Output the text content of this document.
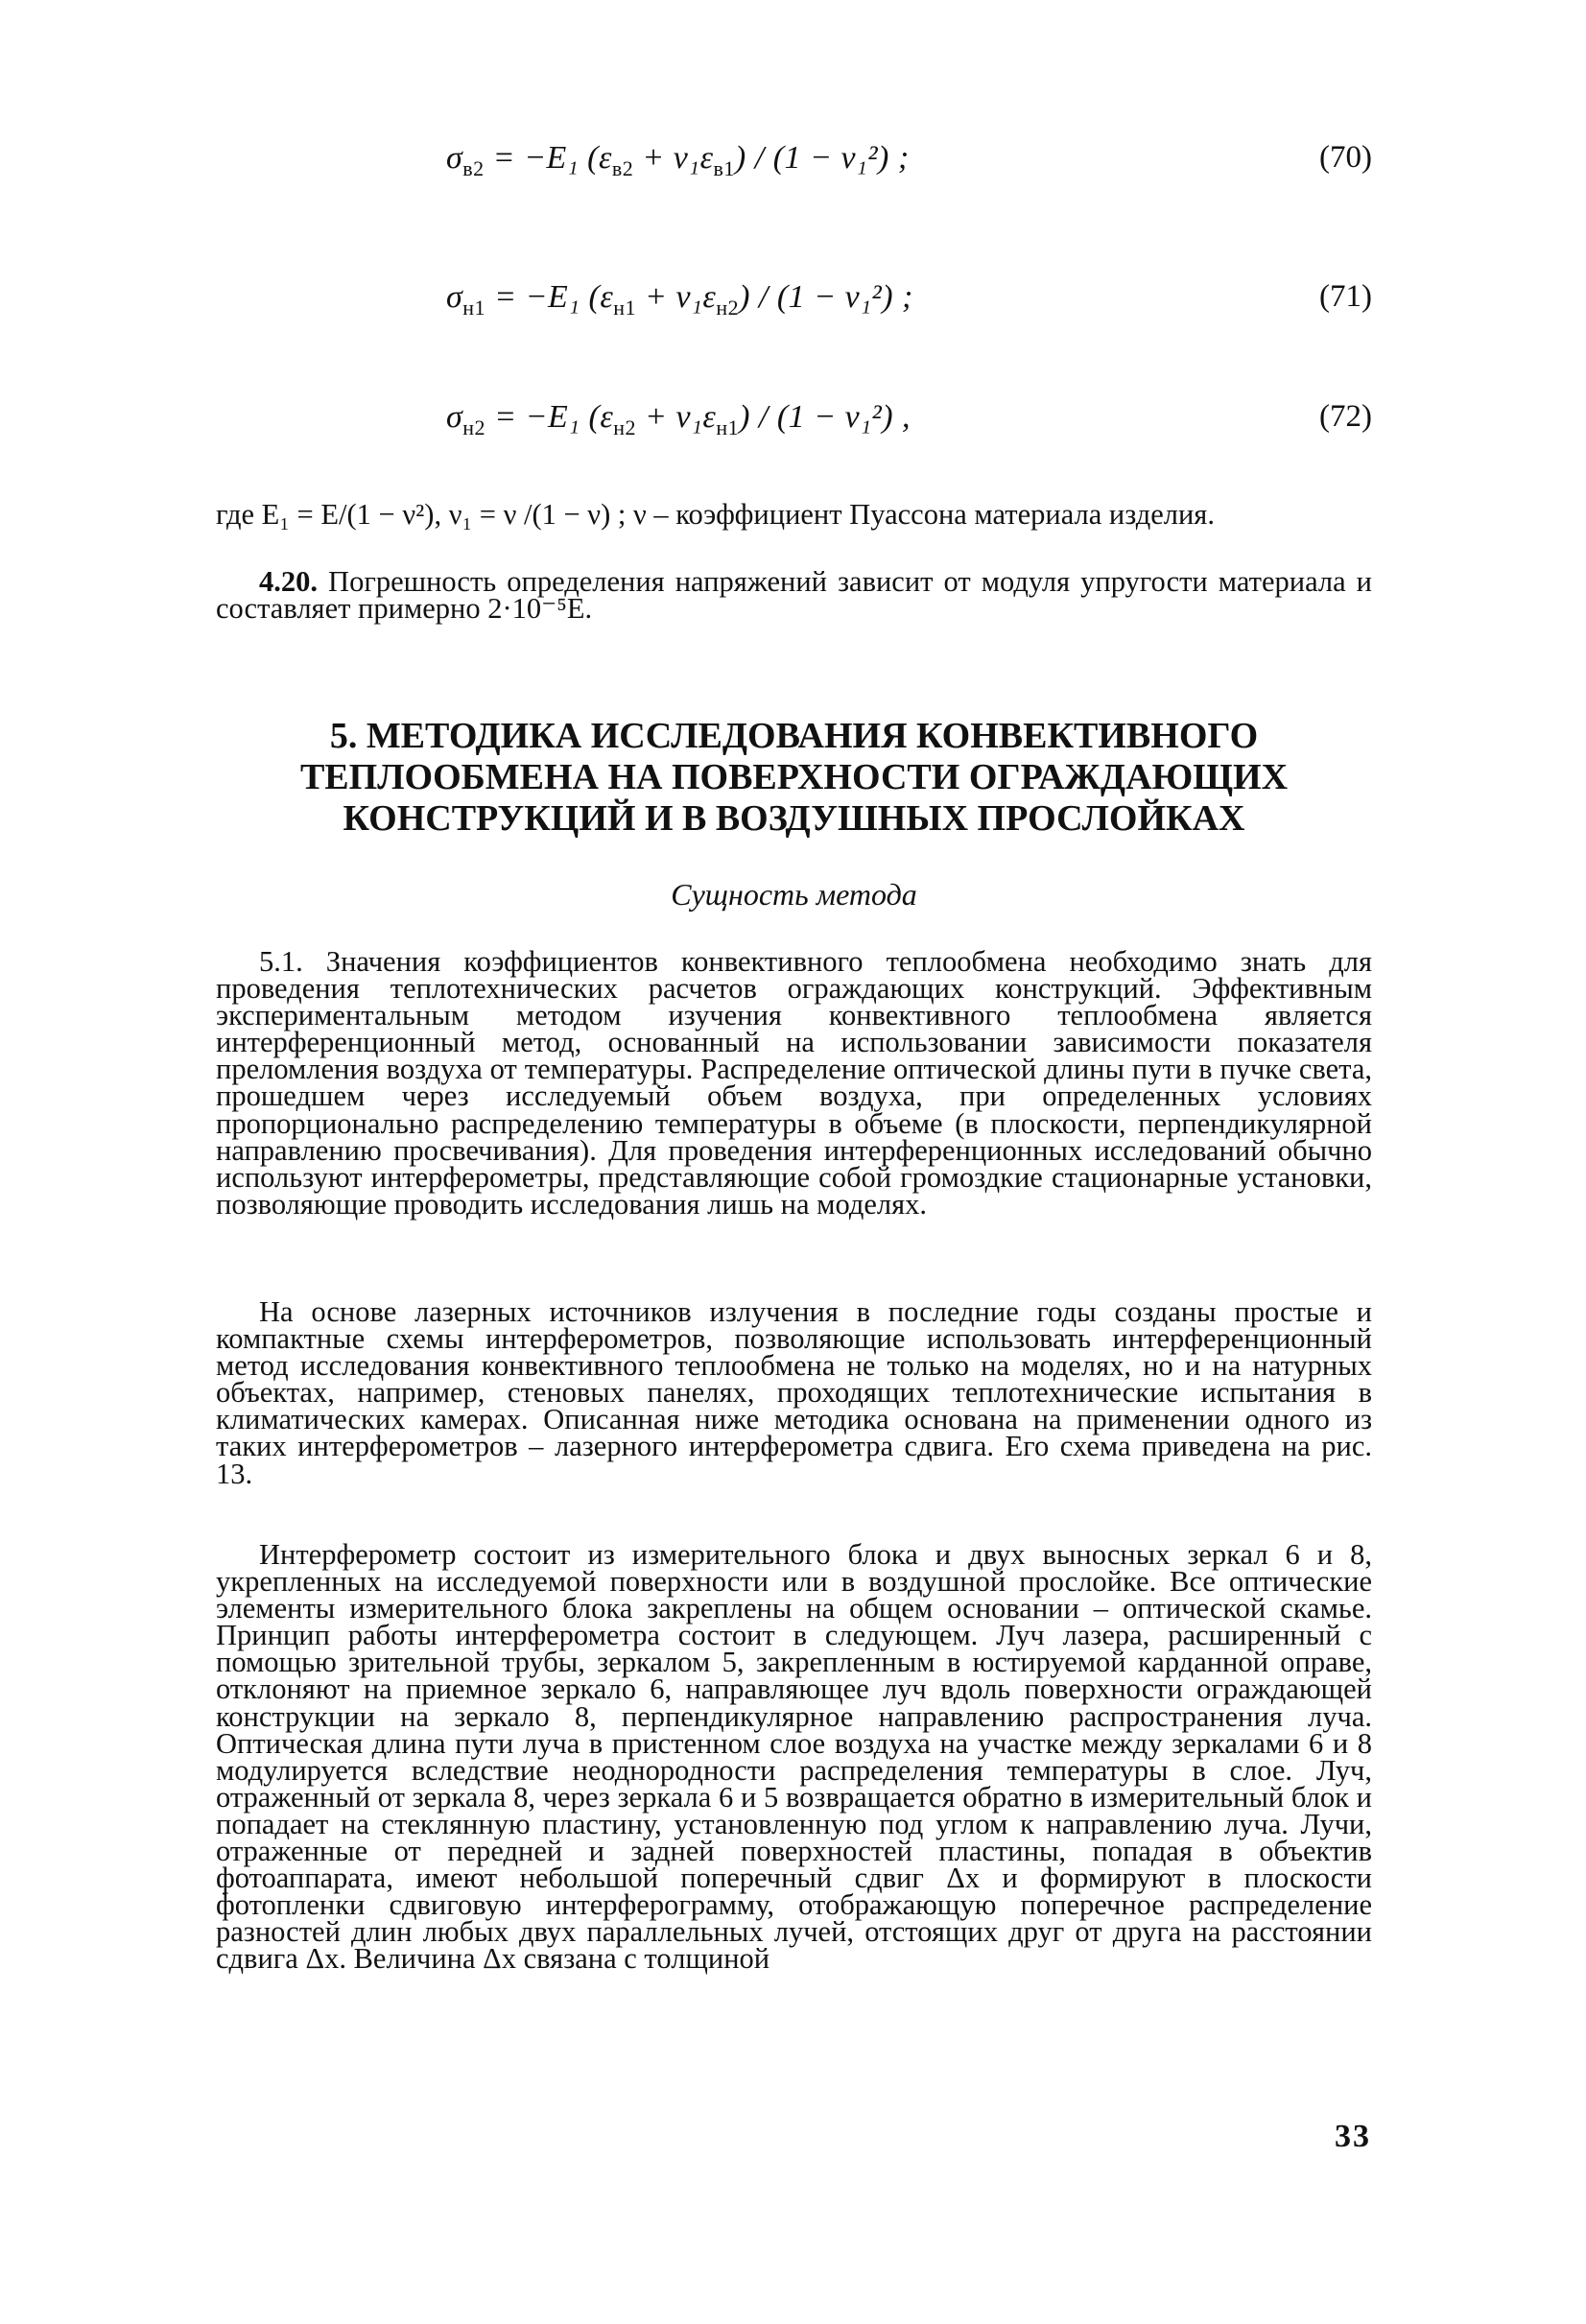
$\sigma_{в2} = -E_1$ $(\varepsilon_{в2} + \nu_1\varepsilon_{в1}) / (1 - \nu_1^2)$ ;	(70)
$\sigma_{н1} = -E_1$ $(\varepsilon_{н1} + \nu_1\varepsilon_{н2}) / (1 - \nu_1^2)$ ;	(71)
$\sigma_{н2} = -E_1$ $(\varepsilon_{н2} + \nu_1\varepsilon_{н1}) / (1 - \nu_1^2)$ ,	(72)
где E₁ = E/(1 − ν²), ν₁ = ν /(1 − ν) ; ν – коэффициент Пуассона материала изделия.
4.20. Погрешность определения напряжений зависит от модуля упругости материала и составляет примерно 2·10⁻⁵E.
5. МЕТОДИКА ИССЛЕДОВАНИЯ КОНВЕКТИВНОГО ТЕПЛООБМЕНА НА ПОВЕРХНОСТИ ОГРАЖДАЮЩИХ КОНСТРУКЦИЙ И В ВОЗДУШНЫХ ПРОСЛОЙКАХ
Сущность метода
5.1. Значения коэффициентов конвективного теплообмена необходимо знать для проведения теплотехнических расчетов ограждающих конструкций. Эффективным экспериментальным методом изучения конвективного теплообмена является интерференционный метод, основанный на использовании зависимости показателя преломления воздуха от температуры. Распределение оптической длины пути в пучке света, прошедшем через исследуемый объем воздуха, при определенных условиях пропорционально распределению температуры в объеме (в плоскости, перпендикулярной направлению просвечивания). Для проведения интерференционных исследований обычно используют интерферометры, представляющие собой громоздкие стационарные установки, позволяющие проводить исследования лишь на моделях.
На основе лазерных источников излучения в последние годы созданы простые и компактные схемы интерферометров, позволяющие использовать интерференционный метод исследования конвективного теплообмена не только на моделях, но и на натурных объектах, например, стеновых панелях, проходящих теплотехнические испытания в климатических камерах. Описанная ниже методика основана на применении одного из таких интерферометров – лазерного интерферометра сдвига. Его схема приведена на рис. 13.
Интерферометр состоит из измерительного блока и двух выносных зеркал 6 и 8, укрепленных на исследуемой поверхности или в воздушной прослойке. Все оптические элементы измерительного блока закреплены на общем основании – оптической скамье. Принцип работы интерферометра состоит в следующем. Луч лазера, расширенный с помощью зрительной трубы, зеркалом 5, закрепленным в юстируемой карданной оправе, отклоняют на приемное зеркало 6, направляющее луч вдоль поверхности ограждающей конструкции на зеркало 8, перпендикулярное направлению распространения луча. Оптическая длина пути луча в пристенном слое воздуха на участке между зеркалами 6 и 8 модулируется вследствие неоднородности распределения температуры в слое. Луч, отраженный от зеркала 8, через зеркала 6 и 5 возвращается обратно в измерительный блок и попадает на стеклянную пластину, установленную под углом к направлению луча. Лучи, отраженные от передней и задней поверхностей пластины, попадая в объектив фотоаппарата, имеют небольшой поперечный сдвиг Δx и формируют в плоскости фотопленки сдвиговую интерферограмму, отображающую поперечное распределение разностей длин любых двух параллельных лучей, отстоящих друг от друга на расстоянии сдвига Δx. Величина Δx связана с толщиной
33
